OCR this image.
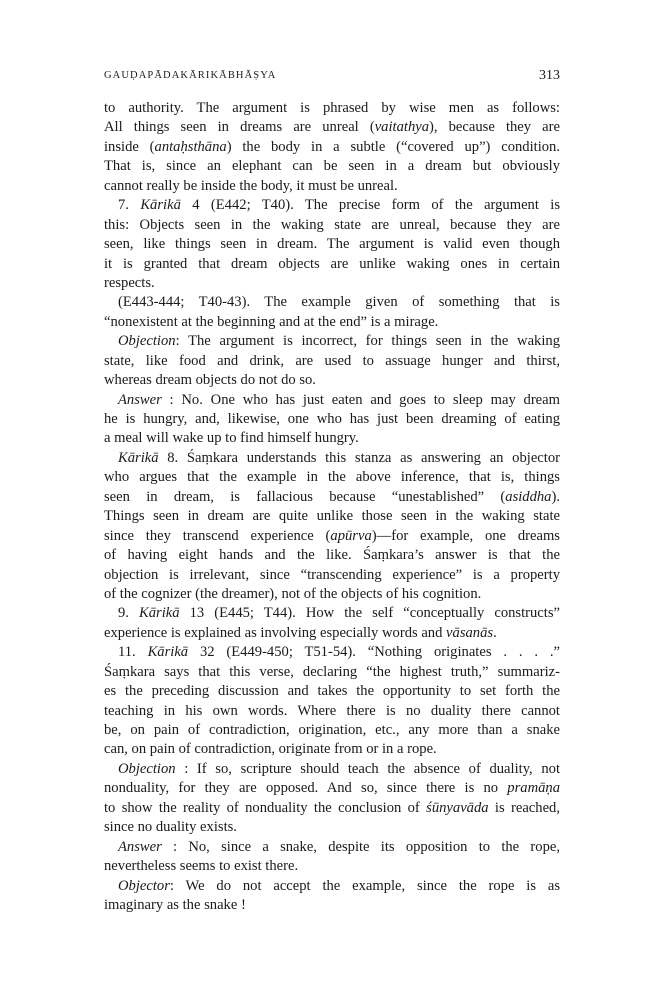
GAUḌAPĀDAKĀRIKĀBHĀṢYA	313
to authority. The argument is phrased by wise men as follows:
All things seen in dreams are unreal (vaitathya), because they are
inside (antaḥsthāna) the body in a subtle (“covered up”) condition.
That is, since an elephant can be seen in a dream but obviously
cannot really be inside the body, it must be unreal.
7. Kārikā 4 (E442; T40). The precise form of the argument is
this: Objects seen in the waking state are unreal, because they are
seen, like things seen in dream. The argument is valid even though
it is granted that dream objects are unlike waking ones in certain
respects.
(E443-444; T40-43). The example given of something that is
“nonexistent at the beginning and at the end” is a mirage.
Objection: The argument is incorrect, for things seen in the waking
state, like food and drink, are used to assuage hunger and thirst,
whereas dream objects do not do so.
Answer : No. One who has just eaten and goes to sleep may dream
he is hungry, and, likewise, one who has just been dreaming of eating
a meal will wake up to find himself hungry.
Kārikā 8. Śaṃkara understands this stanza as answering an objector
who argues that the example in the above inference, that is, things
seen in dream, is fallacious because “unestablished” (asiddha).
Things seen in dream are quite unlike those seen in the waking state
since they transcend experience (apūrva)—for example, one dreams
of having eight hands and the like. Śaṃkara’s answer is that the
objection is irrelevant, since “transcending experience” is a property
of the cognizer (the dreamer), not of the objects of his cognition.
9. Kārikā 13 (E445; T44). How the self “conceptually constructs”
experience is explained as involving especially words and vāsanās.
11. Kārikā 32 (E449-450; T51-54). “Nothing originates . . . .”
Śaṃkara says that this verse, declaring “the highest truth,” summariz-
es the preceding discussion and takes the opportunity to set forth the
teaching in his own words. Where there is no duality there cannot
be, on pain of contradiction, origination, etc., any more than a snake
can, on pain of contradiction, originate from or in a rope.
Objection : If so, scripture should teach the absence of duality, not
nonduality, for they are opposed. And so, since there is no pramāṇa
to show the reality of nonduality the conclusion of śūnyavāda is reached,
since no duality exists.
Answer : No, since a snake, despite its opposition to the rope,
nevertheless seems to exist there.
Objector: We do not accept the example, since the rope is as
imaginary as the snake !
